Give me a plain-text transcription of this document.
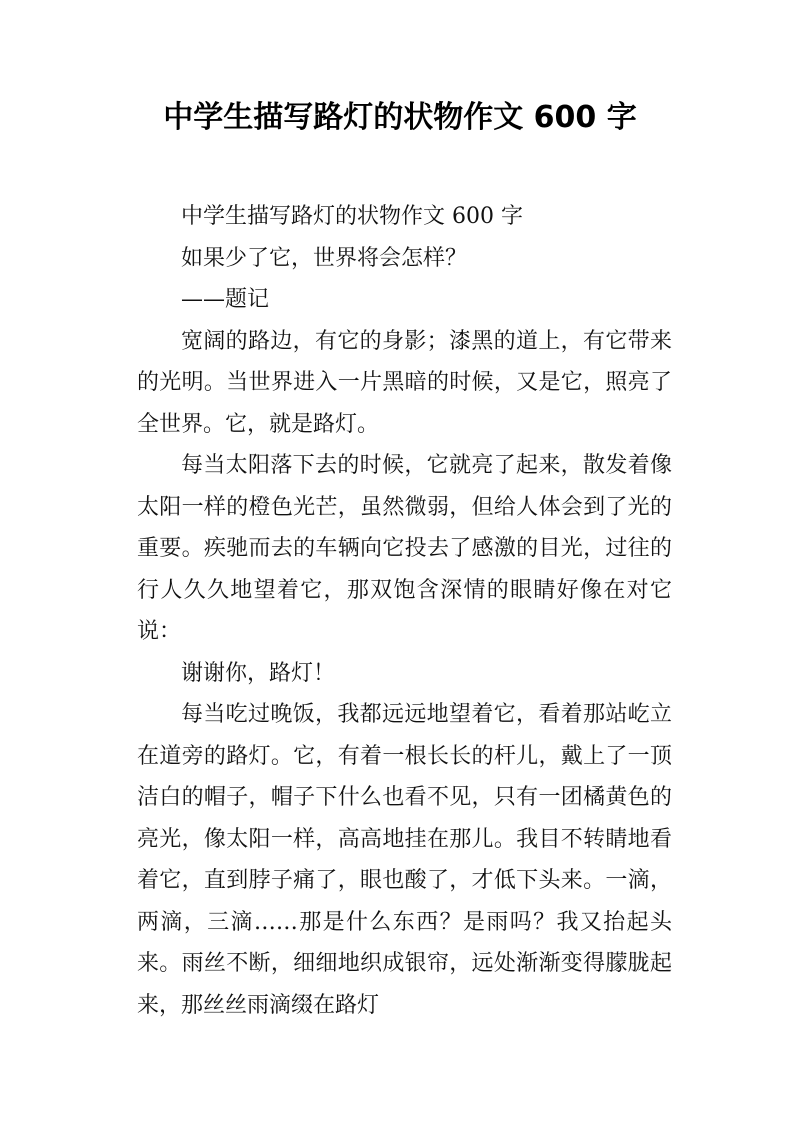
中学生描写路灯的状物作文 600 字

中学生描写路灯的状物作文 600 字

如果少了它，世界将会怎样？

——题记

宽阔的路边，有它的身影；漆黑的道上，有它带来的光明。当世界进入一片黑暗的时候，又是它，照亮了全世界。它，就是路灯。

每当太阳落下去的时候，它就亮了起来，散发着像太阳一样的橙色光芒，虽然微弱，但给人体会到了光的重要。疾驰而去的车辆向它投去了感激的目光，过往的行人久久地望着它，那双饱含深情的眼睛好像在对它说：

谢谢你，路灯！

每当吃过晚饭，我都远远地望着它，看着那站屹立在道旁的路灯。它，有着一根长长的杆儿，戴上了一顶洁白的帽子，帽子下什么也看不见，只有一团橘黄色的亮光，像太阳一样，高高地挂在那儿。我目不转睛地看着它，直到脖子痛了，眼也酸了，才低下头来。一滴，两滴，三滴……那是什么东西？是雨吗？我又抬起头来。雨丝不断，细细地织成银帘，远处渐渐变得朦胧起来，那丝丝雨滴缀在路灯
